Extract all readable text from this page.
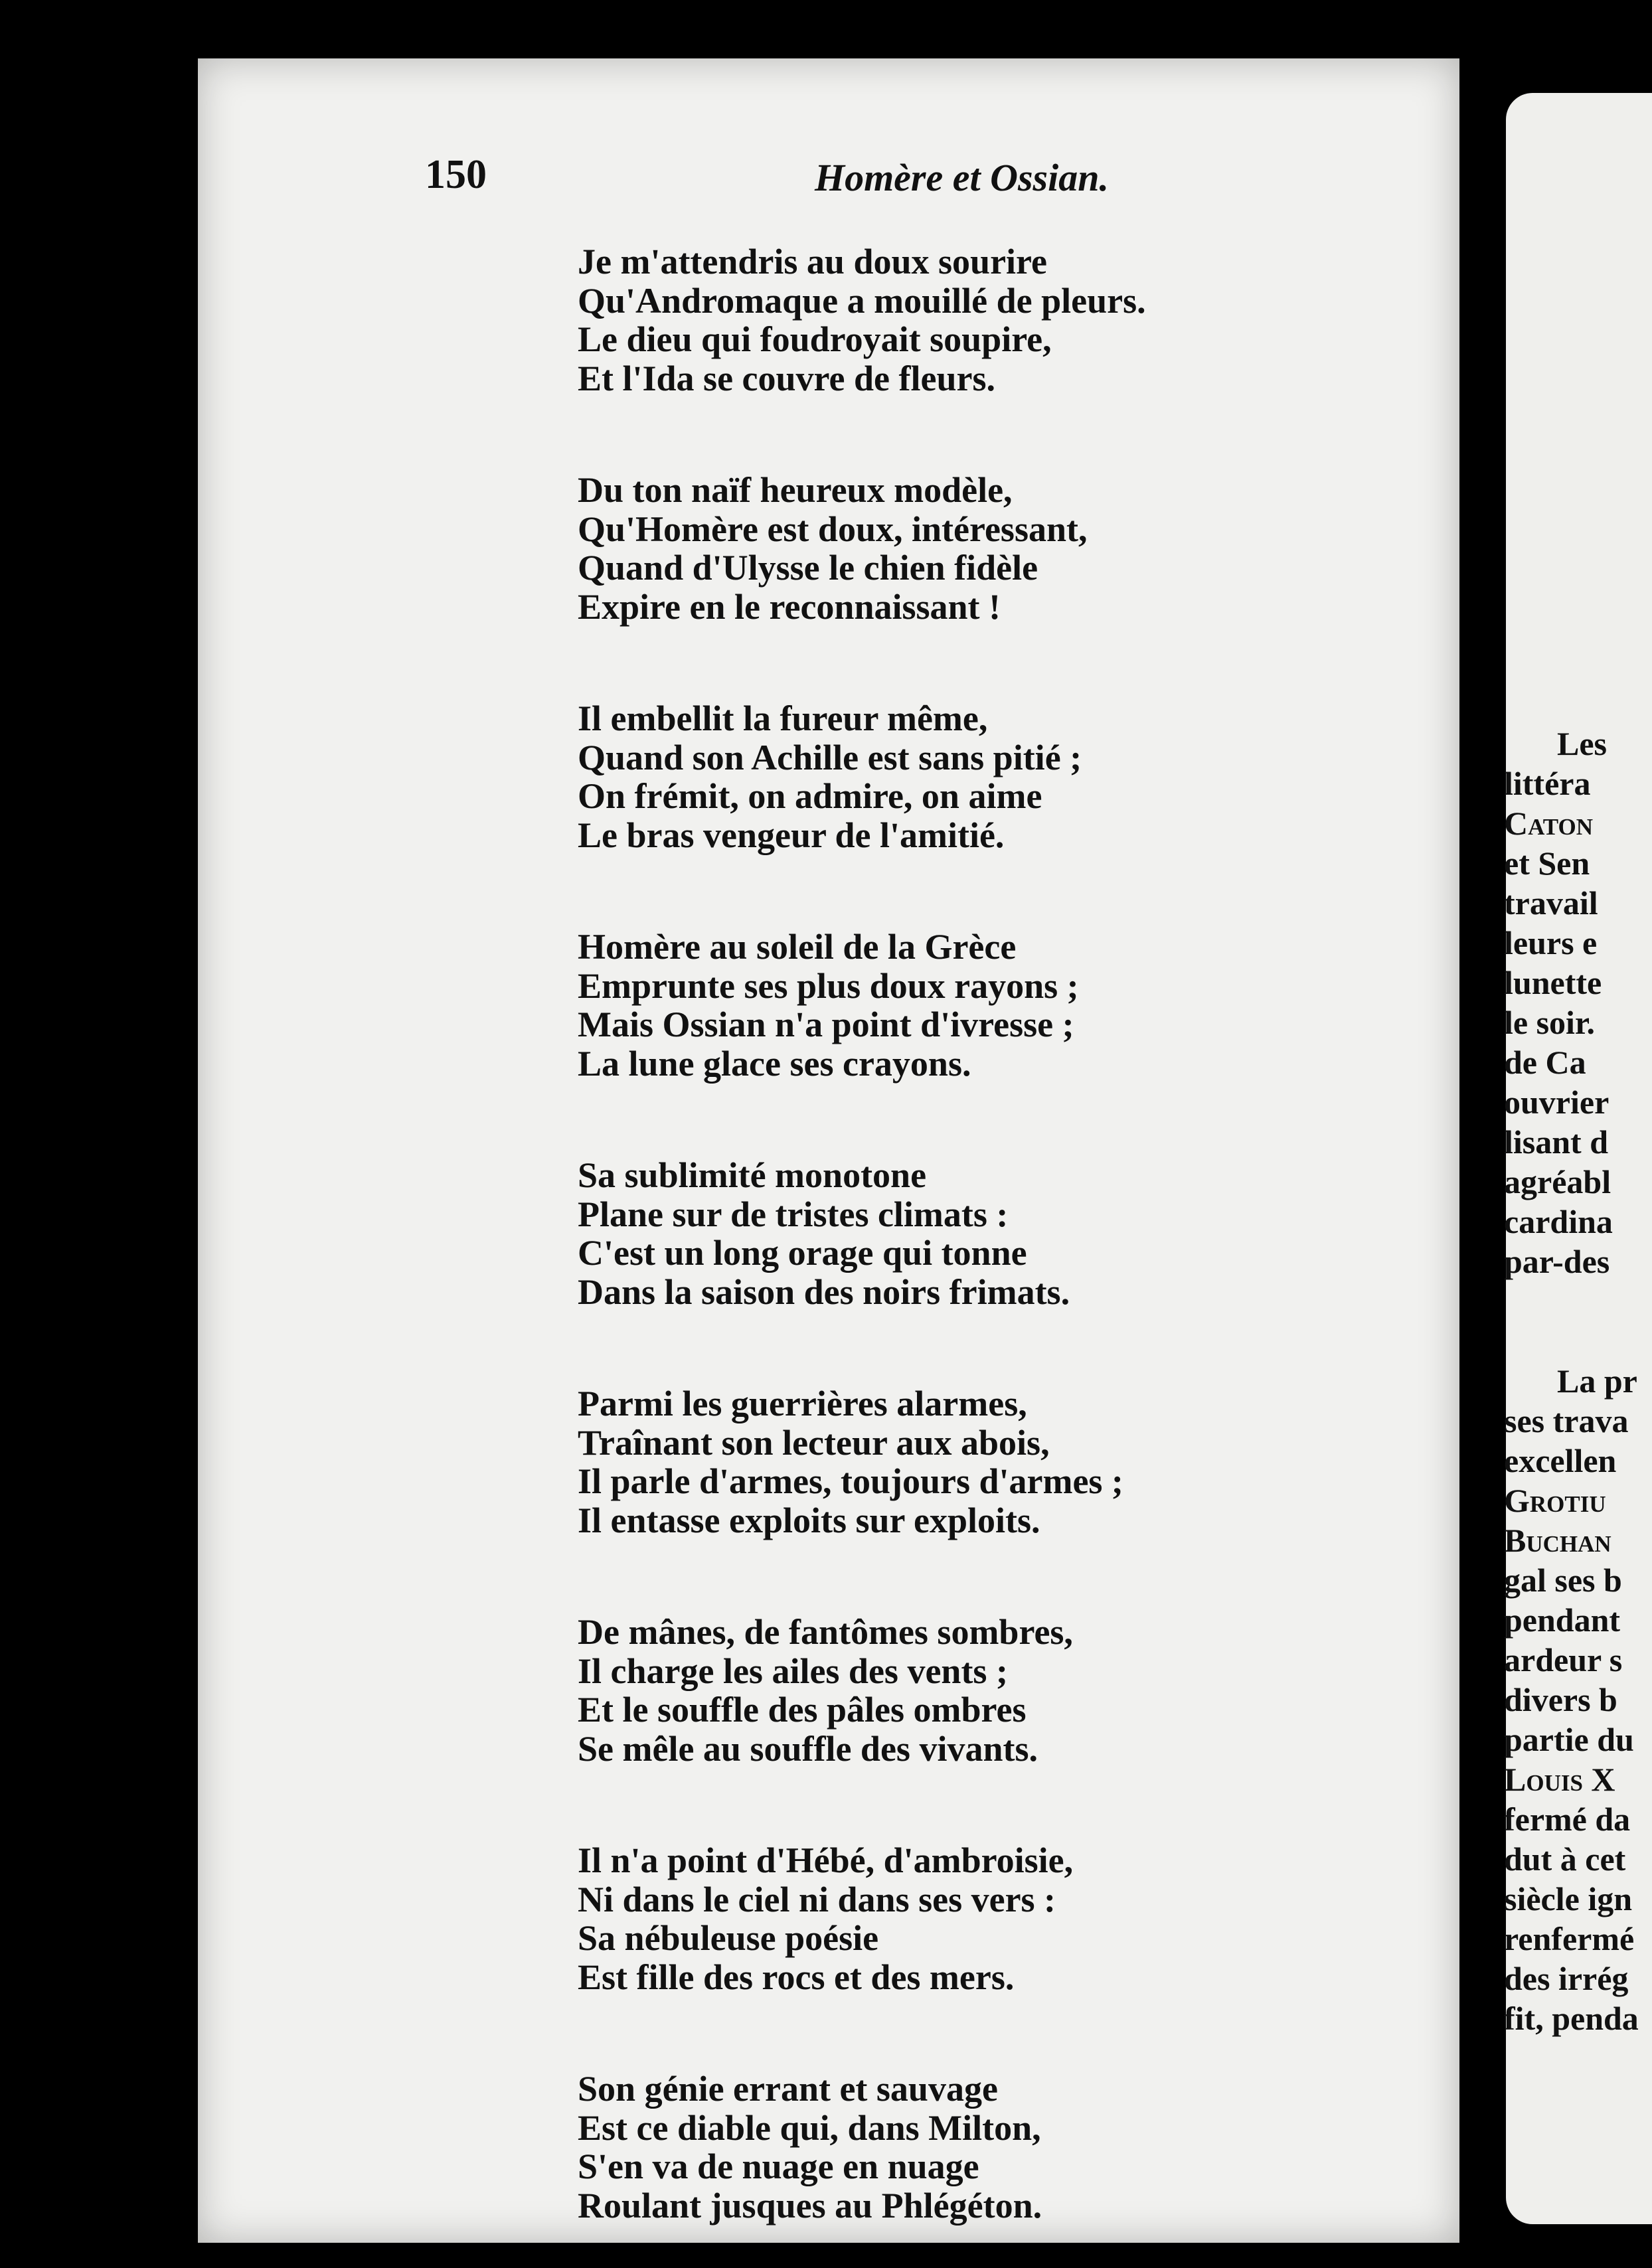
150	Homère et Ossian.
Je m'attendris au doux sourire
Qu'Andromaque a mouillé de pleurs.
Le dieu qui foudroyait soupire,
Et l'Ida se couvre de fleurs.
Du ton naïf heureux modèle,
Qu'Homère est doux, intéressant,
Quand d'Ulysse le chien fidèle
Expire en le reconnaissant !
Il embellit la fureur même,
Quand son Achille est sans pitié ;
On frémit, on admire, on aime
Le bras vengeur de l'amitié.
Homère au soleil de la Grèce
Emprunte ses plus doux rayons ;
Mais Ossian n'a point d'ivresse ;
La lune glace ses crayons.
Sa sublimité monotone
Plane sur de tristes climats :
C'est un long orage qui tonne
Dans la saison des noirs frimats.
Parmi les guerrières alarmes,
Traînant son lecteur aux abois,
Il parle d'armes, toujours d'armes ;
Il entasse exploits sur exploits.
De mânes, de fantômes sombres,
Il charge les ailes des vents ;
Et le souffle des pâles ombres
Se mêle au souffle des vivants.
Il n'a point d'Hébé, d'ambroisie,
Ni dans le ciel ni dans ses vers :
Sa nébuleuse poésie
Est fille des rocs et des mers.
Son génie errant et sauvage
Est ce diable qui, dans Milton,
S'en va de nuage en nuage
Roulant jusques au Phlégéton.
Les
littéra
Caton
et Sen
travail
leurs e
lunette
le soir.
de Ca
ouvrier
lisant d
agréabl
cardina
par-des
La pr
ses trava
excellen
Grotiu
Buchan
gal ses b
pendant
ardeur s
divers b
partie du
Louis X
fermé da
dut à cet
siècle ign
renfermé
des irrég
fit, penda
